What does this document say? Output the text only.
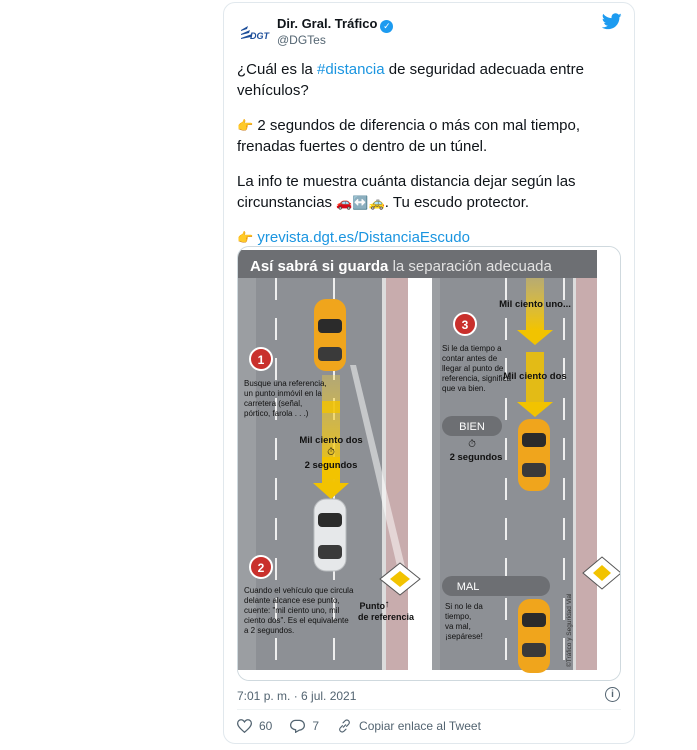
DGT
Dir. Gral. Tráfico ✓
@DGTes

¿Cuál es la #distancia de seguridad adecuada entre vehículos?

👉 2 segundos de diferencia o más con mal tiempo, frenadas fuertes o dentro de un túnel.

La info te muestra cuánta distancia dejar según las circunstancias 🚗↔️🚕. Tu escudo protector.

👉 yrevista.dgt.es/DistanciaEscudo

Así sabrá si guarda la separación adecuada
1
Busque una referencia,
un punto inmóvil en la
carretera (señal,
pórtico, farola . . .)
Mil ciento dos
⏱
2 segundos
2
Cuando el vehículo que circula
delante alcance ese punto,
cuente: "mil ciento uno, mil
ciento dos". Es el equivalente
a 2 segundos.
↑
Punto
de referencia
Mil ciento uno...
Mil ciento dos
3
Si le da tiempo a
contar antes de
llegar al punto de
referencia, significa
que va bien.
BIEN
⏱
2 segundos
MAL
Si no le da
tiempo,
va mal,
¡sepárese!	©Tráfico y Seguridad Vial
7:01 p. m. · 6 jul. 2021	i
60	7	Copiar enlace al Tweet
